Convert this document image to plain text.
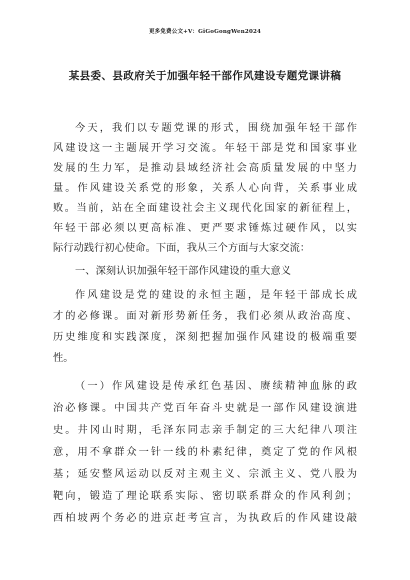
更多免费公文+V：GiGoGongWen2024
某县委、县政府关于加强年轻干部作风建设专题党课讲稿
今天，我们以专题党课的形式，围绕加强年轻干部作
风建设这一主题展开学习交流。年轻干部是党和国家事业
发展的生力军，是推动县域经济社会高质量发展的中坚力
量。作风建设关系党的形象，关系人心向背，关系事业成
败。当前，站在全面建设社会主义现代化国家的新征程上，
年轻干部必须以更高标准、更严要求锤炼过硬作风，以实
际行动践行初心使命。下面，我从三个方面与大家交流：
一、深刻认识加强年轻干部作风建设的重大意义
作风建设是党的建设的永恒主题，是年轻干部成长成
才的必修课。面对新形势新任务，我们必须从政治高度、
历史维度和实践深度，深刻把握加强作风建设的极端重要
性。
（一）作风建设是传承红色基因、赓续精神血脉的政
治必修课。中国共产党百年奋斗史就是一部作风建设演进
史。井冈山时期，毛泽东同志亲手制定的三大纪律八项注
意，用不拿群众一针一线的朴素纪律，奠定了党的作风根
基；延安整风运动以反对主观主义、宗派主义、党八股为
靶向，锻造了理论联系实际、密切联系群众的作风利剑；
西柏坡两个务必的进京赶考宣言，为执政后的作风建设敲
